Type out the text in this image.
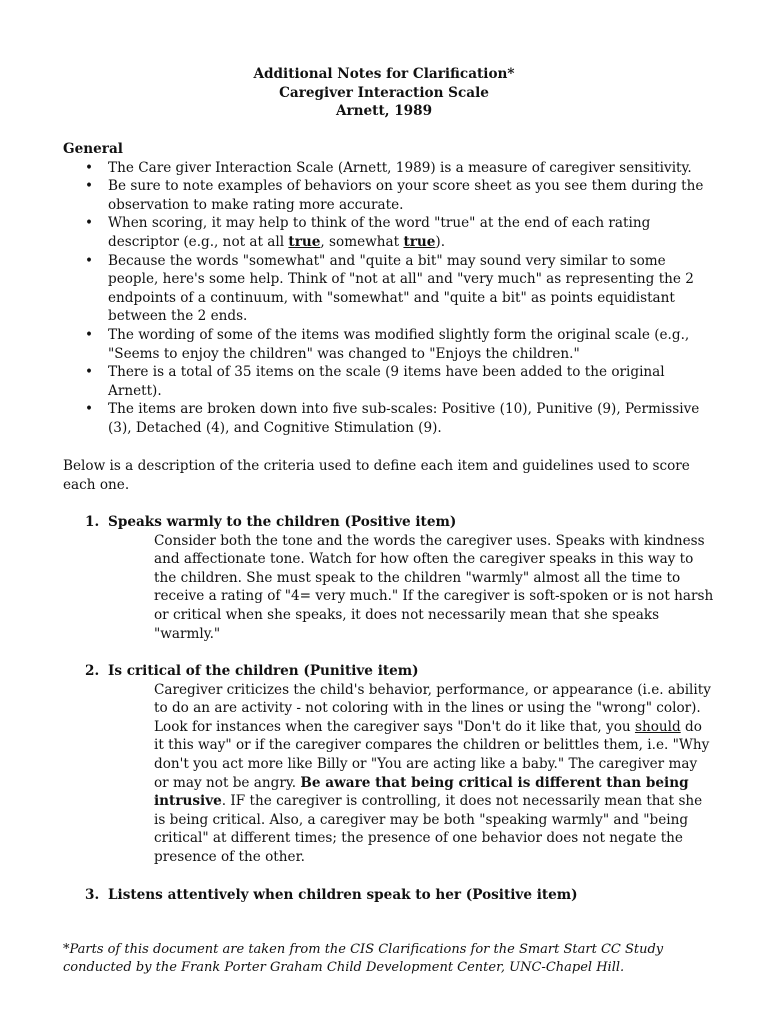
Additional Notes for Clarification*
Caregiver Interaction Scale
Arnett, 1989
General
• The Care giver Interaction Scale (Arnett, 1989) is a measure of caregiver sensitivity.
• Be sure to note examples of behaviors on your score sheet as you see them during the observation to make rating more accurate.
• When scoring, it may help to think of the word "true" at the end of each rating descriptor (e.g., not at all true, somewhat true).
• Because the words "somewhat" and "quite a bit" may sound very similar to some people, here's some help. Think of "not at all" and "very much" as representing the 2 endpoints of a continuum, with "somewhat" and "quite a bit" as points equidistant between the 2 ends.
• The wording of some of the items was modified slightly form the original scale (e.g., "Seems to enjoy the children" was changed to "Enjoys the children."
• There is a total of 35 items on the scale (9 items have been added to the original Arnett).
• The items are broken down into five sub-scales: Positive (10), Punitive (9), Permissive (3), Detached (4), and Cognitive Stimulation (9).
Below is a description of the criteria used to define each item and guidelines used to score each one.
1. Speaks warmly to the children (Positive item)
Consider both the tone and the words the caregiver uses. Speaks with kindness and affectionate tone. Watch for how often the caregiver speaks in this way to the children. She must speak to the children "warmly" almost all the time to receive a rating of "4= very much." If the caregiver is soft-spoken or is not harsh or critical when she speaks, it does not necessarily mean that she speaks "warmly."
2. Is critical of the children (Punitive item)
Caregiver criticizes the child's behavior, performance, or appearance (i.e. ability to do an are activity - not coloring with in the lines or using the "wrong" color). Look for instances when the caregiver says "Don't do it like that, you should do it this way" or if the caregiver compares the children or belittles them, i.e. "Why don't you act more like Billy or "You are acting like a baby." The caregiver may or may not be angry. Be aware that being critical is different than being intrusive. IF the caregiver is controlling, it does not necessarily mean that she is being critical. Also, a caregiver may be both "speaking warmly" and "being critical" at different times; the presence of one behavior does not negate the presence of the other.
3. Listens attentively when children speak to her (Positive item)
*Parts of this document are taken from the CIS Clarifications for the Smart Start CC Study conducted by the Frank Porter Graham Child Development Center, UNC-Chapel Hill.
